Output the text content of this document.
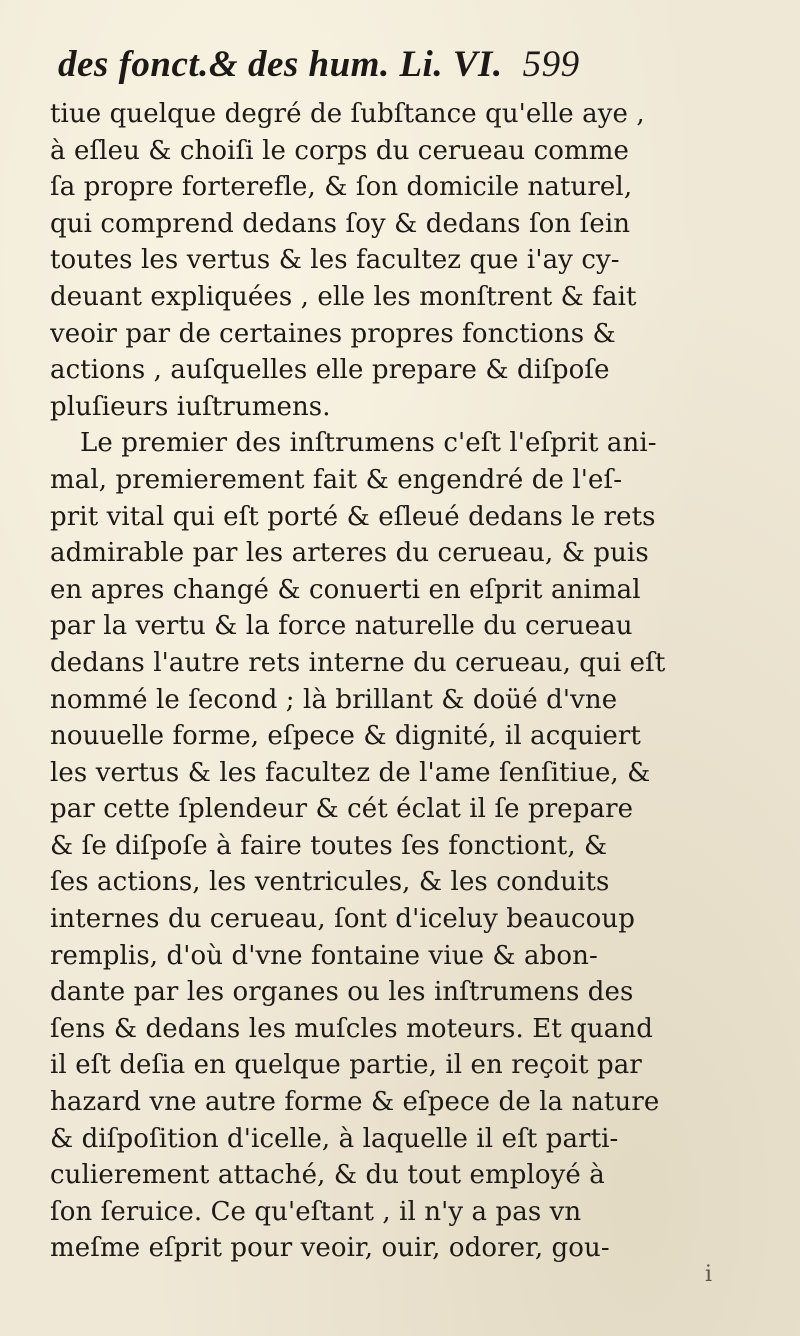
des fonct.& des hum. Li. VI. 599
tiue quelque degré de ſubſtance qu'elle aye ,
à eſleu & choiſi le corps du cerueau comme
ſa propre forterefle, & ſon domicile naturel,
qui comprend dedans ſoy & dedans ſon ſein
toutes les vertus & les facultez que i'ay cy-
deuant expliquées , elle les monſtrent & fait
veoir par de certaines propres fonctions &
actions , auſquelles elle prepare & diſpoſe
pluſieurs iuſtrumens.
Le premier des inſtrumens c'eſt l'eſprit ani-
mal, premierement fait & engendré de l'eſ-
prit vital qui eſt porté & eſleué dedans le rets
admirable par les arteres du cerueau, & puis
en apres changé & conuerti en eſprit animal
par la vertu & la force naturelle du cerueau
dedans l'autre rets interne du cerueau, qui eſt
nommé le ſecond ; là brillant & doüé d'vne
nouuelle forme, eſpece & dignité, il acquiert
les vertus & les facultez de l'ame ſenſitiue, &
par cette ſplendeur & cét éclat il ſe prepare
& ſe diſpoſe à faire toutes ſes fonctiont, &
ſes actions, les ventricules, & les conduits
internes du cerueau, ſont d'iceluy beaucoup
remplis, d'où d'vne fontaine viue & abon-
dante par les organes ou les inſtrumens des
ſens & dedans les muſcles moteurs. Et quand
il eſt deſia en quelque partie, il en reçoit par
hazard vne autre forme & eſpece de la nature
& diſpoſition d'icelle, à laquelle il eſt parti-
culierement attaché, & du tout employé à
ſon ſeruice. Ce qu'eſtant , il n'y a pas vn
meſme eſprit pour veoir, ouir, odorer, gou-
i
